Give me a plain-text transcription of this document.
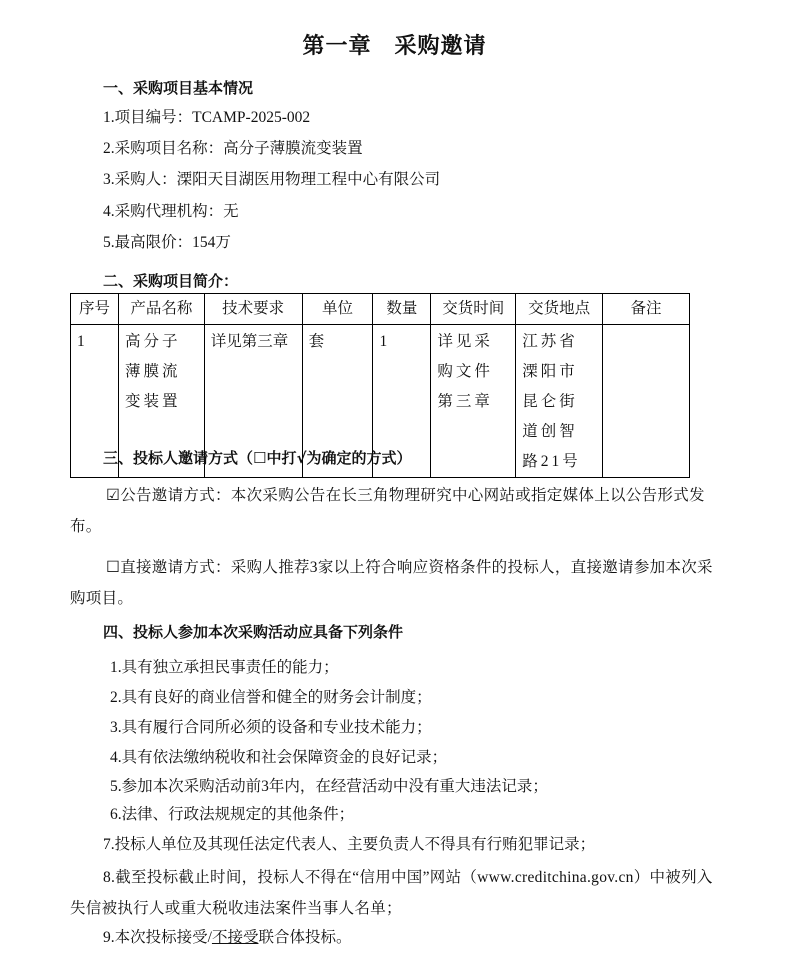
第一章　采购邀请
一、采购项目基本情况
1.项目编号：TCAMP-2025-002
2.采购项目名称：高分子薄膜流变装置
3.采购人：溧阳天目湖医用物理工程中心有限公司
4.采购代理机构：无
5.最高限价：154万
二、采购项目简介：
序号	产品名称	技术要求	单位	数量	交货时间	交货地点	备注
1	高分子薄膜流变装置	详见第三章	套	1	详见采购文件第三章	江苏省溧阳市昆仑街道创智路21号	
三、投标人邀请方式（☐中打√为确定的方式）
☑公告邀请方式：本次采购公告在长三角物理研究中心网站或指定媒体上以公告形式发布。
☐直接邀请方式：采购人推荐3家以上符合响应资格条件的投标人，直接邀请参加本次采购项目。
四、投标人参加本次采购活动应具备下列条件
1.具有独立承担民事责任的能力；
2.具有良好的商业信誉和健全的财务会计制度；
3.具有履行合同所必须的设备和专业技术能力；
4.具有依法缴纳税收和社会保障资金的良好记录；
5.参加本次采购活动前3年内，在经营活动中没有重大违法记录；
6.法律、行政法规规定的其他条件；
7.投标人单位及其现任法定代表人、主要负责人不得具有行贿犯罪记录；
8.截至投标截止时间，投标人不得在“信用中国”网站（www.creditchina.gov.cn）中被列入失信被执行人或重大税收违法案件当事人名单；
9.本次投标接受/不接受联合体投标。
